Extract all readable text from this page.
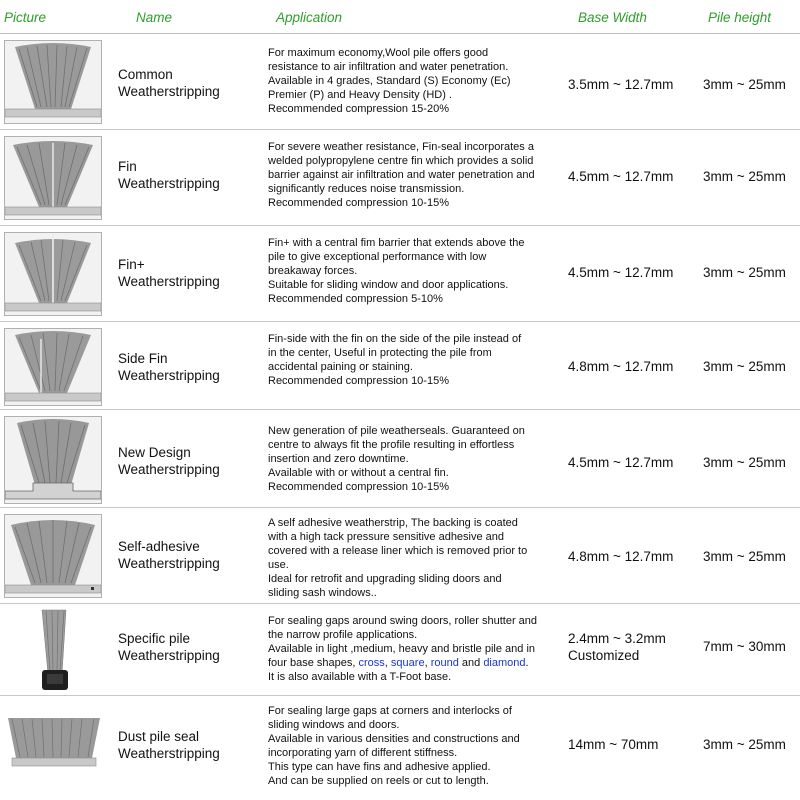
Picture	Name	Application	Base Width	Pile height
Common
Weatherstripping
For maximum economy,Wool pile offers good
resistance to air infiltration and water penetration.
Available in 4 grades, Standard (S) Economy (Ec)
Premier (P) and Heavy Density (HD) .
Recommended compression 15-20%
3.5mm ~ 12.7mm 3mm ~ 25mm
Fin
Weatherstripping
For severe weather resistance, Fin-seal incorporates a
welded polypropylene centre fin which provides a solid
barrier against air infiltration and water penetration and
significantly reduces noise transmission.
Recommended compression 10-15%
4.5mm ~ 12.7mm 3mm ~ 25mm
Fin+
Weatherstripping
Fin+ with a central fim barrier that extends above the
pile to give exceptional performance with low
breakaway forces.
Suitable for sliding window and door applications.
Recommended compression 5-10%
4.5mm ~ 12.7mm 3mm ~ 25mm
Side Fin
Weatherstripping
Fin-side with the fin on the side of the pile instead of
in the center, Useful in protecting the pile from
accidental paining or staining.
Recommended compression 10-15%
4.8mm ~ 12.7mm 3mm ~ 25mm
New Design
Weatherstripping
New generation of pile weatherseals. Guaranteed on
centre to always fit the profile resulting in effortless
insertion and zero downtime.
Available with or without a central fin.
Recommended compression 10-15%
4.5mm ~ 12.7mm 3mm ~ 25mm
Self-adhesive
Weatherstripping
A self adhesive weatherstrip, The backing is coated
with a high tack pressure sensitive adhesive and
covered with a release liner which is removed prior to
use.
Ideal for retrofit and upgrading sliding doors and
sliding sash windows..
4.8mm ~ 12.7mm 3mm ~ 25mm
Specific pile
Weatherstripping
For sealing gaps around swing doors, roller shutter and
the narrow profile applications.
Available in light ,medium, heavy and bristle pile and in
four base shapes, cross, square, round and diamond.
It is also available with a T-Foot base.
2.4mm ~ 3.2mm
Customized
7mm ~ 30mm
Dust pile seal
Weatherstripping
For sealing large gaps at corners and interlocks of
sliding windows and doors.
Available in various densities and constructions and
incorporating yarn of different stiffness.
This type can have fins and adhesive applied.
And can be supplied on reels or cut to length.
14mm ~ 70mm	3mm ~ 25mm
